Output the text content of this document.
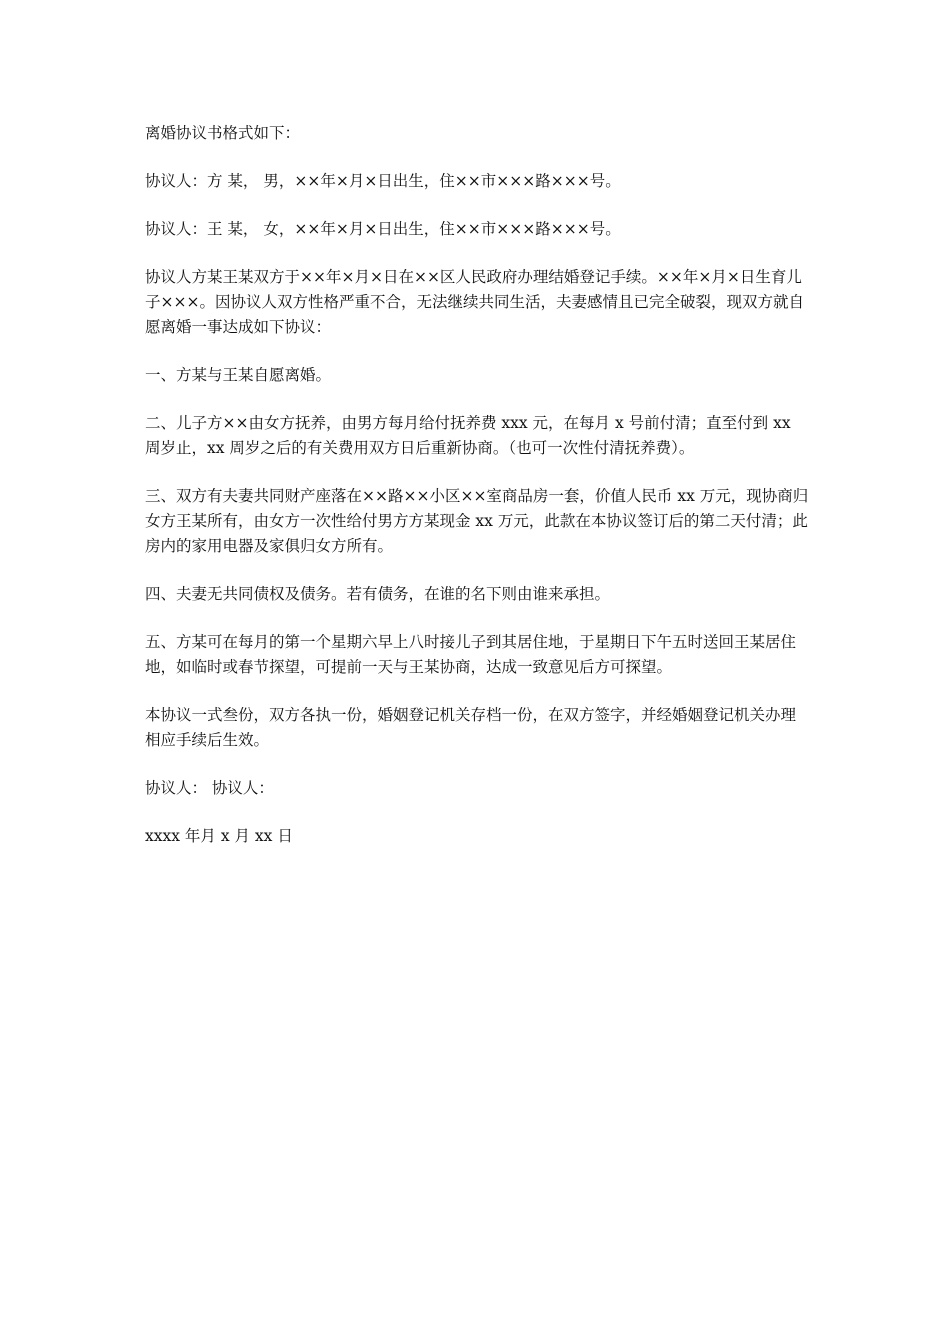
离婚协议书格式如下：

协议人：方 某， 男，××年×月×日出生，住××市×××路×××号。

协议人：王 某， 女，××年×月×日出生，住××市×××路×××号。

协议人方某王某双方于××年×月×日在××区人民政府办理结婚登记手续。××年×月×日生育儿子×××。因协议人双方性格严重不合，无法继续共同生活，夫妻感情且已完全破裂，现双方就自愿离婚一事达成如下协议：

一、方某与王某自愿离婚。

二、儿子方××由女方抚养，由男方每月给付抚养费 xxx 元，在每月 x 号前付清；直至付到 xx 周岁止，xx 周岁之后的有关费用双方日后重新协商。（也可一次性付清抚养费）。

三、双方有夫妻共同财产座落在××路××小区××室商品房一套，价值人民币 xx 万元，现协商归女方王某所有，由女方一次性给付男方方某现金 xx 万元，此款在本协议签订后的第二天付清；此房内的家用电器及家俱归女方所有。

四、夫妻无共同债权及债务。若有债务，在谁的名下则由谁来承担。

五、方某可在每月的第一个星期六早上八时接儿子到其居住地，于星期日下午五时送回王某居住地，如临时或春节探望，可提前一天与王某协商，达成一致意见后方可探望。

本协议一式叁份，双方各执一份，婚姻登记机关存档一份，在双方签字，并经婚姻登记机关办理相应手续后生效。

协议人： 协议人：

xxxx 年月 x 月 xx 日
